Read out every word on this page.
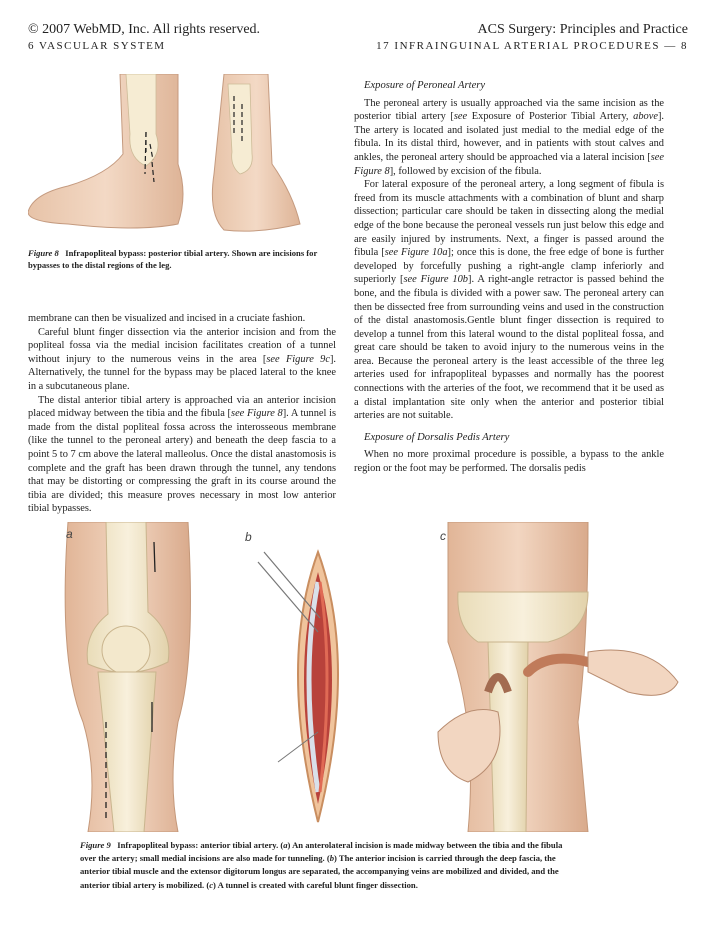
© 2007 WebMD, Inc. All rights reserved.
6 VASCULAR SYSTEM
ACS Surgery: Principles and Practice
17 INFRAINGUINAL ARTERIAL PROCEDURES — 8
Figure 8 Infrapopliteal bypass: posterior tibial artery. Shown are incisions for bypasses to the distal regions of the leg.

membrane can then be visualized and incised in a cruciate fashion.

Careful blunt finger dissection via the anterior incision and from the popliteal fossa via the medial incision facilitates creation of a tunnel without injury to the numerous veins in the area [see Figure 9c]. Alternatively, the tunnel for the bypass may be placed lateral to the knee in a subcutaneous plane.

The distal anterior tibial artery is approached via an anterior incision placed midway between the tibia and the fibula [see Figure 8]. A tunnel is made from the distal popliteal fossa across the interosseous membrane (like the tunnel to the peroneal artery) and beneath the deep fascia to a point 5 to 7 cm above the lateral malleolus. Once the distal anastomosis is complete and the graft has been drawn through the tunnel, any tendons that may be distorting or compressing the graft in its course around the tibia are divided; this measure proves necessary in most low anterior tibial bypasses.

Exposure of Peroneal Artery

The peroneal artery is usually approached via the same incision as the posterior tibial artery [see Exposure of Posterior Tibial Artery, above]. The artery is located and isolated just medial to the medial edge of the fibula. In its distal third, however, and in patients with stout calves and ankles, the peroneal artery should be approached via a lateral incision [see Figure 8], followed by excision of the fibula.

For lateral exposure of the peroneal artery, a long segment of fibula is freed from its muscle attachments with a combination of blunt and sharp dissection; particular care should be taken in dissecting along the medial edge of the bone because the peroneal vessels run just below this edge and are easily injured by instruments. Next, a finger is passed around the fibula [see Figure 10a]; once this is done, the free edge of bone is further developed by forcefully pushing a right-angle clamp inferiorly and superiorly [see Figure 10b]. A right-angle retractor is passed behind the bone, and the fibula is divided with a power saw. The peroneal artery can then be dissected free from surrounding veins and used in the construction of the distal anastomosis.Gentle blunt finger dissection is required to develop a tunnel from this lateral wound to the distal popliteal fossa, and great care should be taken to avoid injury to the numerous veins in the area. Because the peroneal artery is the least accessible of the three leg arteries used for infrapopliteal bypasses and normally has the poorest connections with the arteries of the foot, we recommend that it be used as a distal implantation site only when the anterior and posterior tibial arteries are not suitable.

Exposure of Dorsalis Pedis Artery

When no more proximal procedure is possible, a bypass to the ankle region or the foot may be performed. The dorsalis pedis

a	b	c
Figure 9 Infrapopliteal bypass: anterior tibial artery. (a) An anterolateral incision is made midway between the tibia and the fibula over the artery; small medial incisions are also made for tunneling. (b) The anterior incision is carried through the deep fascia, the anterior tibial muscle and the extensor digitorum longus are separated, the accompanying veins are mobilized and divided, and the anterior tibial artery is mobilized. (c) A tunnel is created with careful blunt finger dissection.
